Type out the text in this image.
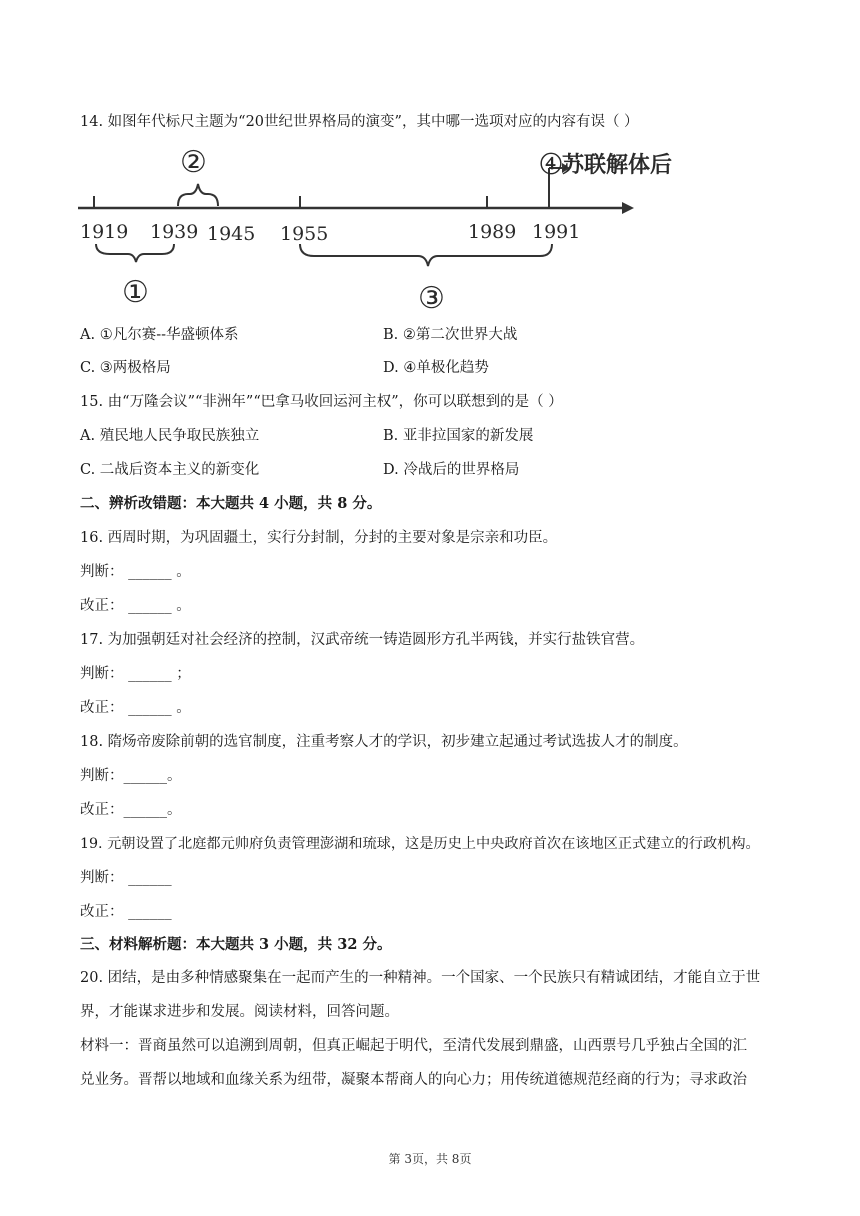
14. 如图年代标尺主题为“20世纪世界格局的演变”，其中哪一选项对应的内容有误（ ）
1919 1939 1945 1955	1989 1991
①
②
③
④苏联解体后
A. ①凡尔赛--华盛顿体系	B. ②第二次世界大战
C. ③两极格局	D. ④单极化趋势
15. 由“万隆会议”“非洲年”“巴拿马收回运河主权”，你可以联想到的是（ ）
A. 殖民地人民争取民族独立	B. 亚非拉国家的新发展
C. 二战后资本主义的新变化	D. 冷战后的世界格局
二、辨析改错题：本大题共 4 小题，共 8 分。
16. 西周时期，为巩固疆土，实行分封制，分封的主要对象是宗亲和功臣。
判断： ______ 。
改正： ______ 。
17. 为加强朝廷对社会经济的控制，汉武帝统一铸造圆形方孔半两钱，并实行盐铁官营。
判断： ______ ；
改正： ______ 。
18. 隋炀帝废除前朝的选官制度，注重考察人才的学识，初步建立起通过考试选拔人才的制度。
判断：______。
改正：______。
19. 元朝设置了北庭都元帅府负责管理澎湖和琉球，这是历史上中央政府首次在该地区正式建立的行政机构。
判断： ______
改正： ______
三、材料解析题：本大题共 3 小题，共 32 分。
20. 团结，是由多种情感聚集在一起而产生的一种精神。一个国家、一个民族只有精诚团结，才能自立于世
界，才能谋求进步和发展。阅读材料，回答问题。
材料一：晋商虽然可以追溯到周朝，但真正崛起于明代，至清代发展到鼎盛，山西票号几乎独占全国的汇
兑业务。晋帮以地域和血缘关系为纽带，凝聚本帮商人的向心力；用传统道德规范经商的行为；寻求政治
第 3页，共 8页
